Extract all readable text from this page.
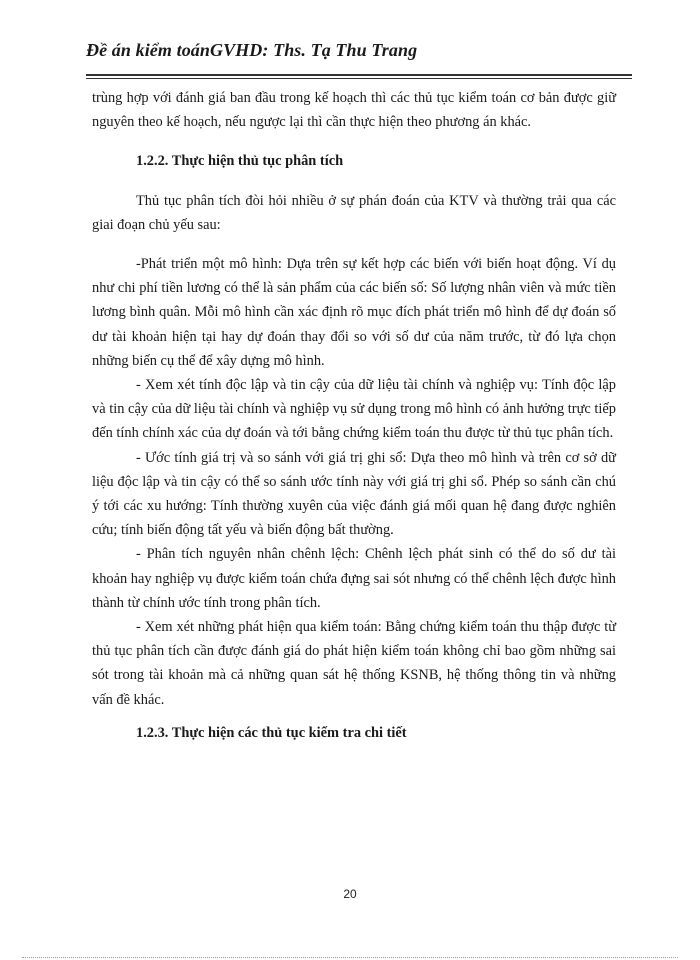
Đề án kiểm toánGVHD: Ths. Tạ Thu Trang

trùng hợp với đánh giá ban đầu trong kế hoạch thì các thủ tục kiểm toán cơ bản được giữ nguyên theo kế hoạch, nếu ngược lại thì cần thực hiện theo phương án khác.

1.2.2. Thực hiện thủ tục phân tích

Thủ tục phân tích đòi hỏi nhiều ở sự phán đoán của KTV và thường trải qua các giai đoạn chủ yếu sau:

-Phát triển một mô hình: Dựa trên sự kết hợp các biến với biến hoạt động. Ví dụ như chi phí tiền lương có thể là sản phẩm của các biến số: Số lượng nhân viên và mức tiền lương bình quân. Mỗi mô hình cần xác định rõ mục đích phát triển mô hình để dự đoán số dư tài khoản hiện tại hay dự đoán thay đổi so với số dư của năm trước, từ đó lựa chọn những biến cụ thể để xây dựng mô hình.

- Xem xét tính độc lập và tin cậy của dữ liệu tài chính và nghiệp vụ: Tính độc lập và tin cậy của dữ liệu tài chính và nghiệp vụ sử dụng trong mô hình có ảnh hưởng trực tiếp đến tính chính xác của dự đoán và tới bằng chứng kiểm toán thu được từ thủ tục phân tích.

- Ước tính giá trị và so sánh với giá trị ghi sổ: Dựa theo mô hình và trên cơ sở dữ liệu độc lập và tin cậy có thể so sánh ước tính này với giá trị ghi sổ. Phép so sánh cần chú ý tới các xu hướng: Tính thường xuyên của việc đánh giá mối quan hệ đang được nghiên cứu; tính biến động tất yếu và biến động bất thường.

- Phân tích nguyên nhân chênh lệch: Chênh lệch phát sinh có thể do số dư tài khoản hay nghiệp vụ được kiểm toán chứa đựng sai sót nhưng có thể chênh lệch được hình thành từ chính ước tính trong phân tích.

- Xem xét những phát hiện qua kiểm toán: Bằng chứng kiểm toán thu thập được từ thủ tục phân tích cần được đánh giá do phát hiện kiểm toán không chỉ bao gồm những sai sót trong tài khoản mà cả những quan sát hệ thống KSNB, hệ thống thông tin và những vấn đề khác.

1.2.3. Thực hiện các thủ tục kiểm tra chi tiết

20
